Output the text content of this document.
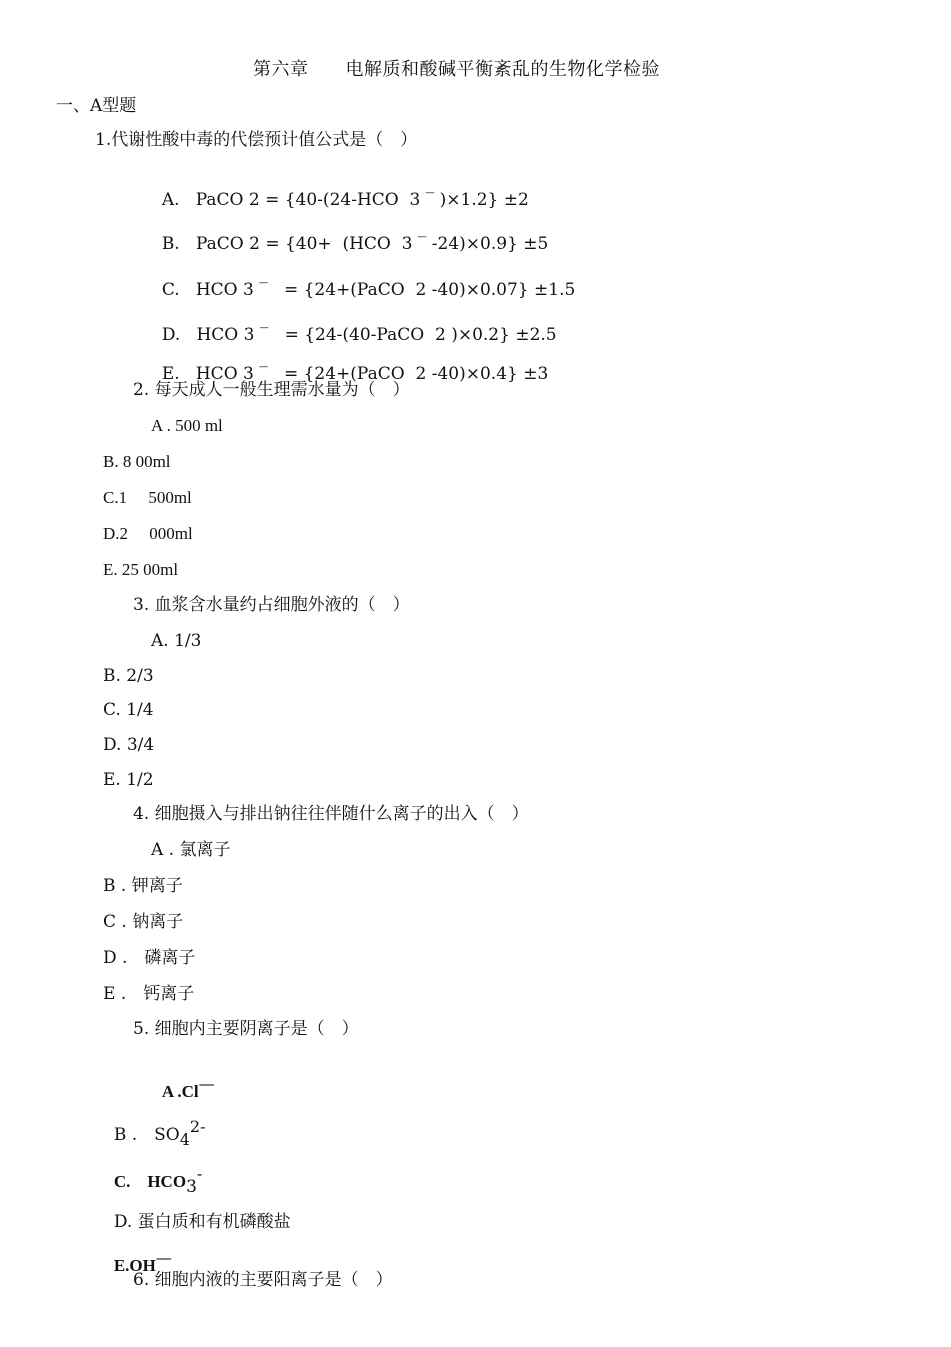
第六章　　电解质和酸碱平衡紊乱的生物化学检验
一、A型题
1.代谢性酸中毒的代偿预计值公式是（　）

A. PaCO 2 = {40-(24-HCO  3 ‾ )×1.2} ±2

B. PaCO 2 = {40+  (HCO  3 ‾ -24)×0.9} ±5

C. HCO 3 ‾   = {24+(PaCO  2 -40)×0.07} ±1.5

D. HCO 3 ‾   = {24-(40-PaCO  2 )×0.2} ±2.5

E. HCO 3 ‾   = {24+(PaCO  2 -40)×0.4} ±3

2. 每天成人一般生理需水量为（　）
A . 500 ml
B. 8 00ml
C.1　 500ml
D.2　 000ml
E. 25 00ml
3. 血浆含水量约占细胞外液的（　）
A. 1/3
B. 2/3
C. 1/4
D. 3/4
E. 1/2
4. 细胞摄入与排出钠往往伴随什么离子的出入（　）
A . 氯离子
B . 钾离子
C . 钠离子
D .　磷离子
E .　钙离子
5. 细胞内主要阴离子是（　）

A .Cl—

B .　SO42-

C.　HCO3-

D. 蛋白质和有机磷酸盐

E.OH—

6. 细胞内液的主要阳离子是（　）
